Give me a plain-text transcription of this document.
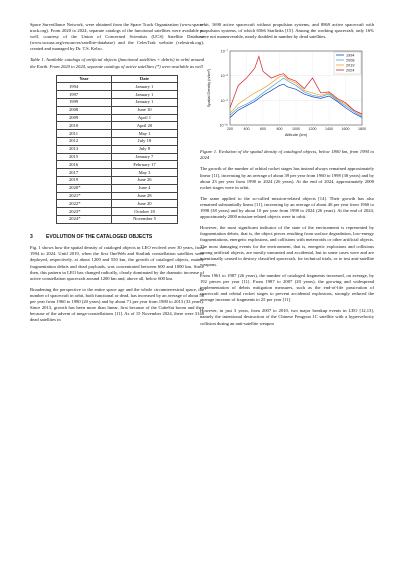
Space Surveillance Network, were obtained from the Space Track Organization (www.space-track.org). From 2020 to 2024, separate catalogs of the functional satellites were available as well, courtesy of the Union of Concerned Scientists (UCS) Satellite Database (www.ucsusa.org/resources/satellite-database) and the CelesTrak website (celestrak.org), created and managed by Dr. T.S. Kelso.

Table 1. Available catalogs of artificial objects (functional satellites + debris) in orbit around the Earth. From 2020 to 2024, separate catalogs of active satellites (*) were available as well
Year	Date
1994	January 1
1997	January 1
1999	January 1
2008	June 10
2009	April 1
2010	April 20
2011	May 1
2012	July 18
2013	July 8
2015	January 7
2016	February 17
2017	May 3
2019	June 26
2020*	June 4
2021*	June 28
2022*	June 20
2023*	October 18
2024*	November 5
3	EVOLUTION OF THE CATALOGED OBJECTS

Fig. 1 shows how the spatial density of cataloged objects in LEO evolved over 30 years, from 1994 to 2024. Until 2019, when the first OneWeb and Starlink constellation satellites were deployed, respectively, at about 1200 and 550 km, the growth of cataloged objects, mainly fragmentation debris and dead payloads, was concentrated between 600 and 1000 km. Since then, this pattern in LEO has changed radically, clearly dominated by the dramatic increase of active constellation spacecraft around 1200 km and, above all, below 600 km.

Broadening the perspective to the entire space age and the whole circumterrestrial space, the number of spacecraft in orbit, both functional or dead, has increased by an average of about 50 per year from 1960 to 1980 (20 years) and by about 71 per year from 1980 to 2013 (33 years). Since 2013, growth has been more than linear, first because of the CubeSat boom and then because of the advent of mega-constellations [11]. As of 15 November 2024, there were 3148 dead satellites in

orbit, 1690 active spacecraft without propulsion systems, and 8869 active spacecraft with propulsion systems, of which 6566 Starlinks [15]. Among the working spacecraft, only 16% were not maneuverable, nearly doubled in number by dead satellites.

10⁻¹⁰
10⁻⁹
10⁻⁸
10⁻⁷
200	400	600	800	1000 1200 1400 1600 1800
Altitude (km)
Spatial Density (n/km³)
1994
2008
2019
2024
Figure 1. Evolution of the spatial density of cataloged objects, below 1800 km, from 1994 to 2024

The growth of the number of orbital rocket stages has instead always remained approximately linear [11], increasing by an average of about 39 per year from 1960 to 1998 (38 years) and by about 23 per year from 1998 to 2024 (26 years). At the end of 2024, approximately 2000 rocket stages were in orbit.

The same applied to the so-called mission-related objects [14]. Their growth has also remained substantially linear [11], increasing by an average of about 46 per year from 1960 to 1998 (38 years) and by about 10 per year from 1998 to 2024 (26 years). At the end of 2024, approximately 2000 mission-related objects were in orbit.

However, the most significant indicator of the state of the environment is represented by fragmentation debris, that is, the object pieces resulting from surface degradation, low-energy fragmentations, energetic explosions, and collisions with meteoroids or other artificial objects. The most damaging events for the environment, that is, energetic explosions and collisions among artificial objects, are mostly unwanted and accidental, but in some cases were and are intentionally caused to destroy classified spacecraft, for technical trials, or to test anti-satellite weapons.

From 1961 to 1987 (26 years), the number of cataloged fragments increased, on average, by 192 pieces per year [11]. From 1987 to 2007 (20 years), the growing and widespread implementation of debris mitigation measures, such as the end-of-life passivation of spacecraft and orbital rocket stages to prevent accidental explosions, strongly reduced the average increase of fragments to 25 per year [11].

However, in just 3 years, from 2007 to 2010, two major breakup events in LEO [12,13], namely the intentional destruction of the Chinese Fengyun 1C satellite with a hypervelocity collision during an anti-satellite weapon
